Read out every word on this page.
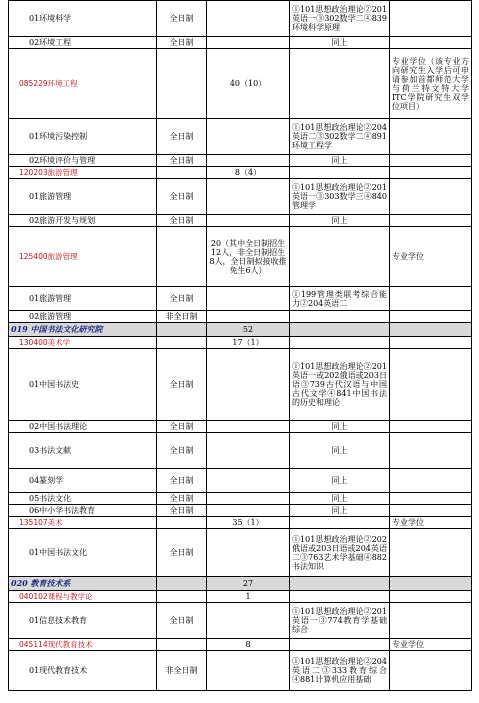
01环境科学	全日制		①101思想政治理论②201英语一③302数学二④839环境科学原理	
02环境工程	全日制		同上	
085229环境工程		40（10）		专业学位（该专业方向研究生入学后可申请参加首都师范大学与荷兰特文特大学ITC学院研究生双学位项目）
01环境污染控制	全日制		①101思想政治理论②204英语二③302数学二④891环境工程学	
02环境评价与管理	全日制		同上	
120203旅游管理		8（4）		
01旅游管理	全日制		①101思想政治理论②201英语一③303数学三④840管理学	
02旅游开发与规划	全日制		同上	
125400旅游管理		20（其中全日制招生12人，非全日制招生8人，全日制拟接收推免生6人）		专业学位
01旅游管理	全日制		①199管理类联考综合能力②204英语二	
02旅游管理	非全日制			
019 中国书法文化研究院		52		
130400美术学		17（1）		
01中国书法史	全日制		①101思想政治理论②201英语一或202俄语或203日语③739古代汉语与中国古代文学④841中国书法的历史和理论	
02中国书法理论	全日制		同上	
03书法文献	全日制		同上	
04篆刻学	全日制		同上	
05书法文化	全日制		同上	
06中小学书法教育	全日制		同上	
135107美术		35（1）		专业学位
01中国书法文化	全日制		①101思想政治理论②202俄语或203日语或204英语二③763艺术学基础④882书法知识	
020 教育技术系		27		
040102课程与教学论		1		
01信息技术教育	全日制		①101思想政治理论②201英语一③774教育学基础综合	
045114现代教育技术		8		专业学位
01现代教育技术	非全日制		①101思想政治理论②204英语二③333教育综合④881计算机应用基础	
